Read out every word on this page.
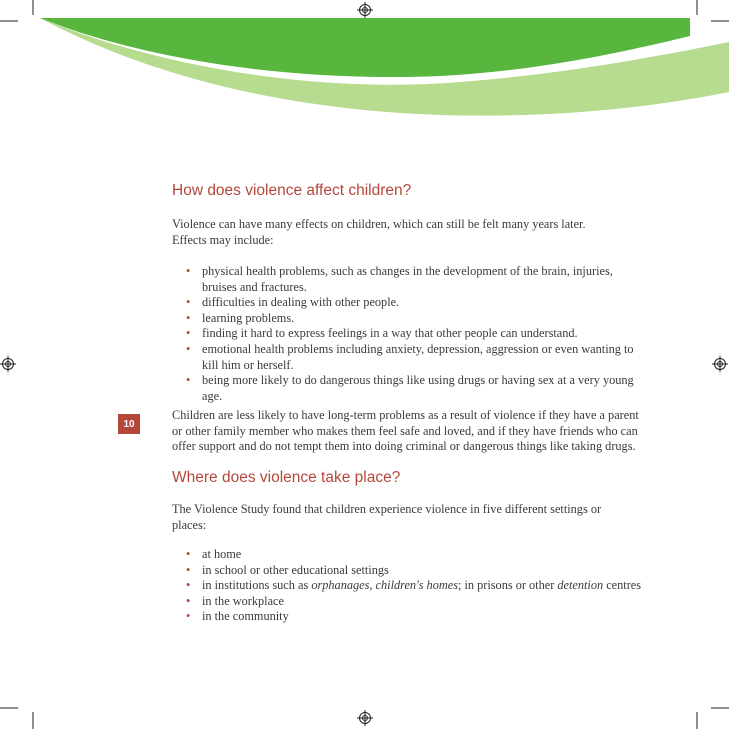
How does violence affect children?

Violence can have many effects on children, which can still be felt many years later.

Effects may include:

• physical health problems, such as changes in the development of the brain, injuries, bruises and fractures.
• difficulties in dealing with other people.
• learning problems.
• finding it hard to express feelings in a way that other people can understand.
• emotional health problems including anxiety, depression, aggression or even wanting to kill him or herself.
• being more likely to do dangerous things like using drugs or having sex at a very young age.
10

Children are less likely to have long-term problems as a result of violence if they have a parent or other family member who makes them feel safe and loved, and if they have friends who can offer support and do not tempt them into doing criminal or dangerous things like taking drugs.

Where does violence take place?

The Violence Study found that children experience violence in five different settings or places:

• at home
• in school or other educational settings
• in institutions such as orphanages, children's homes; in prisons or other detention centres
• in the workplace
• in the community
